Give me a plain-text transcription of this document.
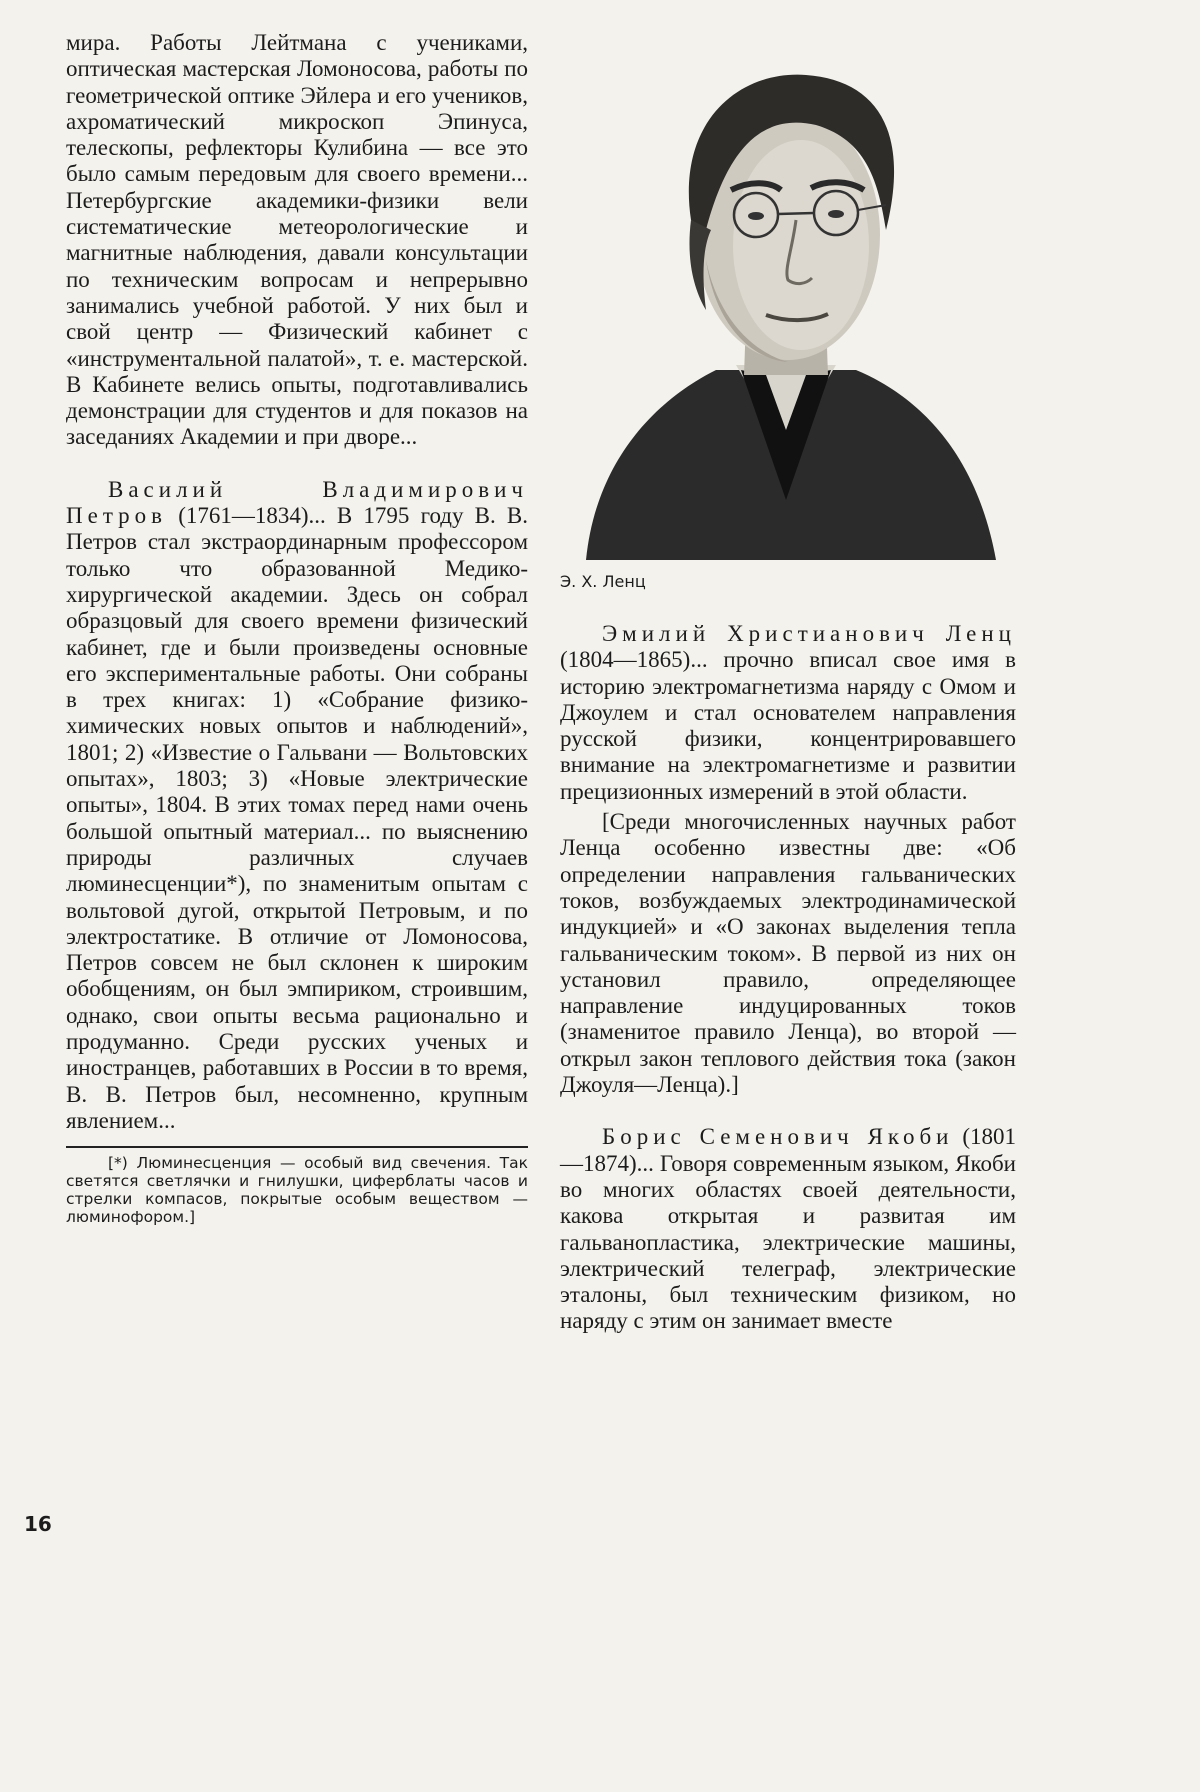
мира. Работы Лейтмана с учениками, оптическая мастерская Ломоносова, работы по геометрической оптике Эйлера и его учеников, ахроматический микроскоп Эпинуса, телескопы, рефлекторы Кулибина — все это было самым передовым для своего времени... Петербургские академики-физики вели систематические метеорологические и магнитные наблюдения, давали консультации по техническим вопросам и непрерывно занимались учебной работой. У них был и свой центр — Физический кабинет с «инструментальной палатой», т. е. мастерской. В Кабинете велись опыты, подготавливались демонстрации для студентов и для показов на заседаниях Академии и при дворе...

Василий Владимирович Петров (1761—1834)... В 1795 году В. В. Петров стал экстраординарным профессором только что образованной Медико-хирургической академии. Здесь он собрал образцовый для своего времени физический кабинет, где и были произведены основные его экспериментальные работы. Они собраны в трех книгах: 1) «Собрание физико-химических новых опытов и наблюдений», 1801; 2) «Известие о Гальвани — Вольтовских опытах», 1803; 3) «Новые электрические опыты», 1804. В этих томах перед нами очень большой опытный материал... по выяснению природы различных случаев люминесценции*), по знаменитым опытам с вольтовой дугой, открытой Петровым, и по электростатике. В отличие от Ломоносова, Петров совсем не был склонен к широким обобщениям, он был эмпириком, строившим, однако, свои опыты весьма рационально и продуманно. Среди русских ученых и иностранцев, работавших в России в то время, В. В. Петров был, несомненно, крупным явлением...

[*) Люминесценция — особый вид свечения. Так светятся светлячки и гнилушки, циферблаты часов и стрелки компасов, покрытые особым веществом — люминофором.]

Э. Х. Ленц

Эмилий Христианович Ленц (1804—1865)... прочно вписал свое имя в историю электромагнетизма наряду с Омом и Джоулем и стал основателем направления русской физики, концентрировавшего внимание на электромагнетизме и развитии прецизионных измерений в этой области.

[Среди многочисленных научных работ Ленца особенно известны две: «Об определении направления гальванических токов, возбуждаемых электродинамической индукцией» и «О законах выделения тепла гальваническим током». В первой из них он установил правило, определяющее направление индуцированных токов (знаменитое правило Ленца), во второй — открыл закон теплового действия тока (закон Джоуля—Ленца).]

Борис Семенович Якоби (1801—1874)... Говоря современным языком, Якоби во многих областях своей деятельности, какова открытая и развитая им гальванопластика, электрические машины, электрический телеграф, электрические эталоны, был техническим физиком, но наряду с этим он занимает вместе

16
